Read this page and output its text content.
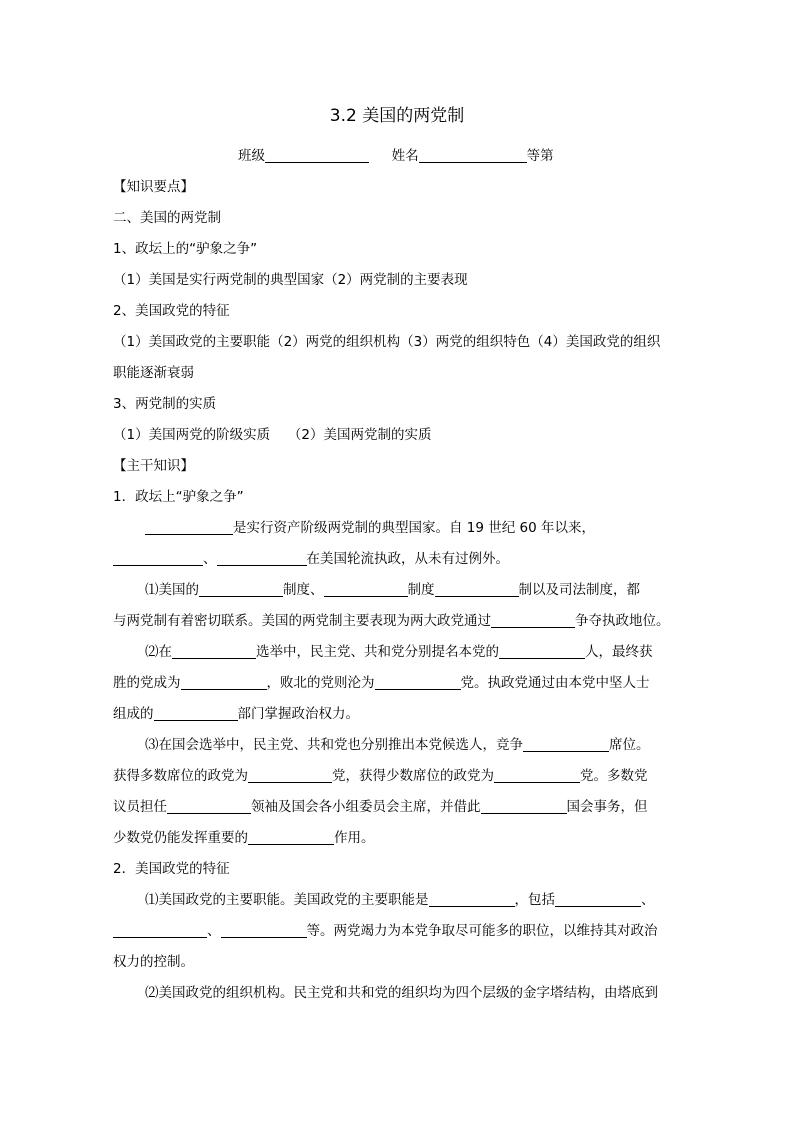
3.2 美国的两党制
班级	姓名	等第
【知识要点】
二、美国的两党制
1、政坛上的“驴象之争”
（1）美国是实行两党制的典型国家（2）两党制的主要表现
2、美国政党的特征
（1）美国政党的主要职能（2）两党的组织机构（3）两党的组织特色（4）美国政党的组织
职能逐渐衰弱
3、两党制的实质
（1）美国两党的阶级实质　 （2）美国两党制的实质
【主干知识】
1．政坛上“驴象之争”
是实行资产阶级两党制的典型国家。自 19 世纪 60 年以来，
、	在美国轮流执政，从未有过例外。
⑴美国的	制度、	制度	制以及司法制度，都
与两党制有着密切联系。美国的两党制主要表现为两大政党通过	争夺执政地位。
⑵在	选举中，民主党、共和党分别提名本党的	人，最终获
胜的党成为	，败北的党则沦为	党。执政党通过由本党中坚人士
组成的	部门掌握政治权力。
⑶在国会选举中，民主党、共和党也分别推出本党候选人，竞争	席位。
获得多数席位的政党为	党，获得少数席位的政党为	党。多数党
议员担任	领袖及国会各小组委员会主席，并借此	国会事务，但
少数党仍能发挥重要的	作用。
2．美国政党的特征
⑴美国政党的主要职能。美国政党的主要职能是	，包括	、
、	等。两党竭力为本党争取尽可能多的职位，以维持其对政治
权力的控制。
⑵美国政党的组织机构。民主党和共和党的组织均为四个层级的金字塔结构，由塔底到
